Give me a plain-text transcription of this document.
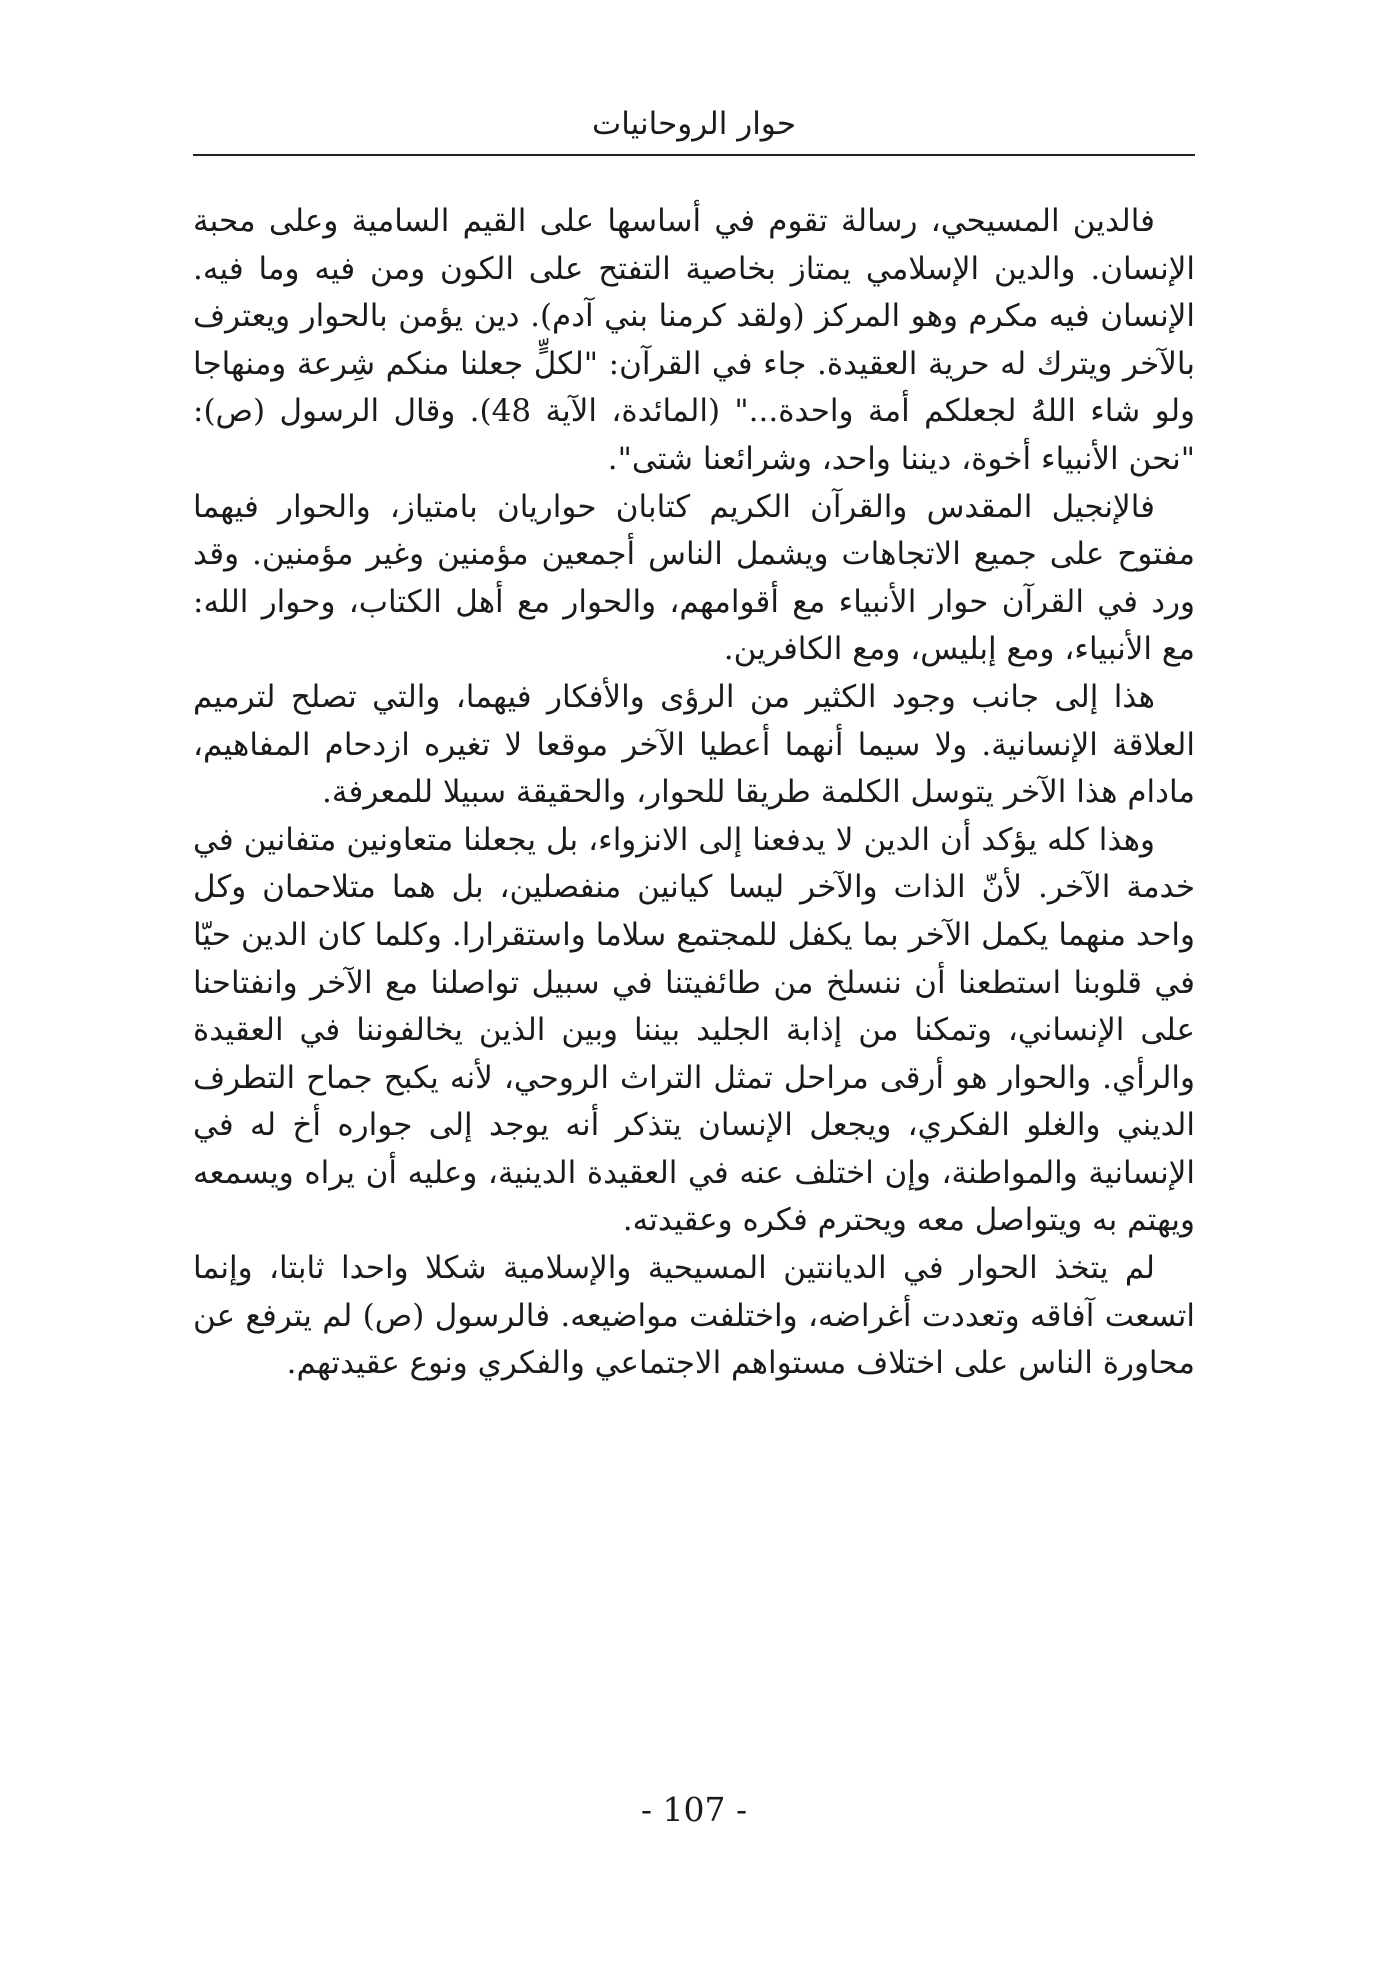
حوار الروحانيات

فالدين المسيحي، رسالة تقوم في أساسها على القيم السامية وعلى محبة الإنسان. والدين الإسلامي يمتاز بخاصية التفتح على الكون ومن فيه وما فيه. الإنسان فيه مكرم وهو المركز (ولقد كرمنا بني آدم). دين يؤمن بالحوار ويعترف بالآخر ويترك له حرية العقيدة. جاء في القرآن: "لكلٍّ جعلنا منكم شِرعة ومنهاجا ولو شاء اللهُ لجعلكم أمة واحدة..." (المائدة، الآية 48). وقال الرسول (ص): "نحن الأنبياء أخوة، ديننا واحد، وشرائعنا شتى".

فالإنجيل المقدس والقرآن الكريم كتابان حواريان بامتياز، والحوار فيهما مفتوح على جميع الاتجاهات ويشمل الناس أجمعين مؤمنين وغير مؤمنين. وقد ورد في القرآن حوار الأنبياء مع أقوامهم، والحوار مع أهل الكتاب، وحوار الله: مع الأنبياء، ومع إبليس، ومع الكافرين.

هذا إلى جانب وجود الكثير من الرؤى والأفكار فيهما، والتي تصلح لترميم العلاقة الإنسانية. ولا سيما أنهما أعطيا الآخر موقعا لا تغيره ازدحام المفاهيم، مادام هذا الآخر يتوسل الكلمة طريقا للحوار، والحقيقة سبيلا للمعرفة.

وهذا كله يؤكد أن الدين لا يدفعنا إلى الانزواء، بل يجعلنا متعاونين متفانين في خدمة الآخر. لأنّ الذات والآخر ليسا كيانين منفصلين، بل هما متلاحمان وكل واحد منهما يكمل الآخر بما يكفل للمجتمع سلاما واستقرارا. وكلما كان الدين حيّا في قلوبنا استطعنا أن ننسلخ من طائفيتنا في سبيل تواصلنا مع الآخر وانفتاحنا على الإنساني، وتمكنا من إذابة الجليد بيننا وبين الذين يخالفوننا في العقيدة والرأي. والحوار هو أرقى مراحل تمثل التراث الروحي، لأنه يكبح جماح التطرف الديني والغلو الفكري، ويجعل الإنسان يتذكر أنه يوجد إلى جواره أخ له في الإنسانية والمواطنة، وإن اختلف عنه في العقيدة الدينية، وعليه أن يراه ويسمعه ويهتم به ويتواصل معه ويحترم فكره وعقيدته.

لم يتخذ الحوار في الديانتين المسيحية والإسلامية شكلا واحدا ثابتا، وإنما اتسعت آفاقه وتعددت أغراضه، واختلفت مواضيعه. فالرسول (ص) لم يترفع عن محاورة الناس على اختلاف مستواهم الاجتماعي والفكري ونوع عقيدتهم.

- 107 -
